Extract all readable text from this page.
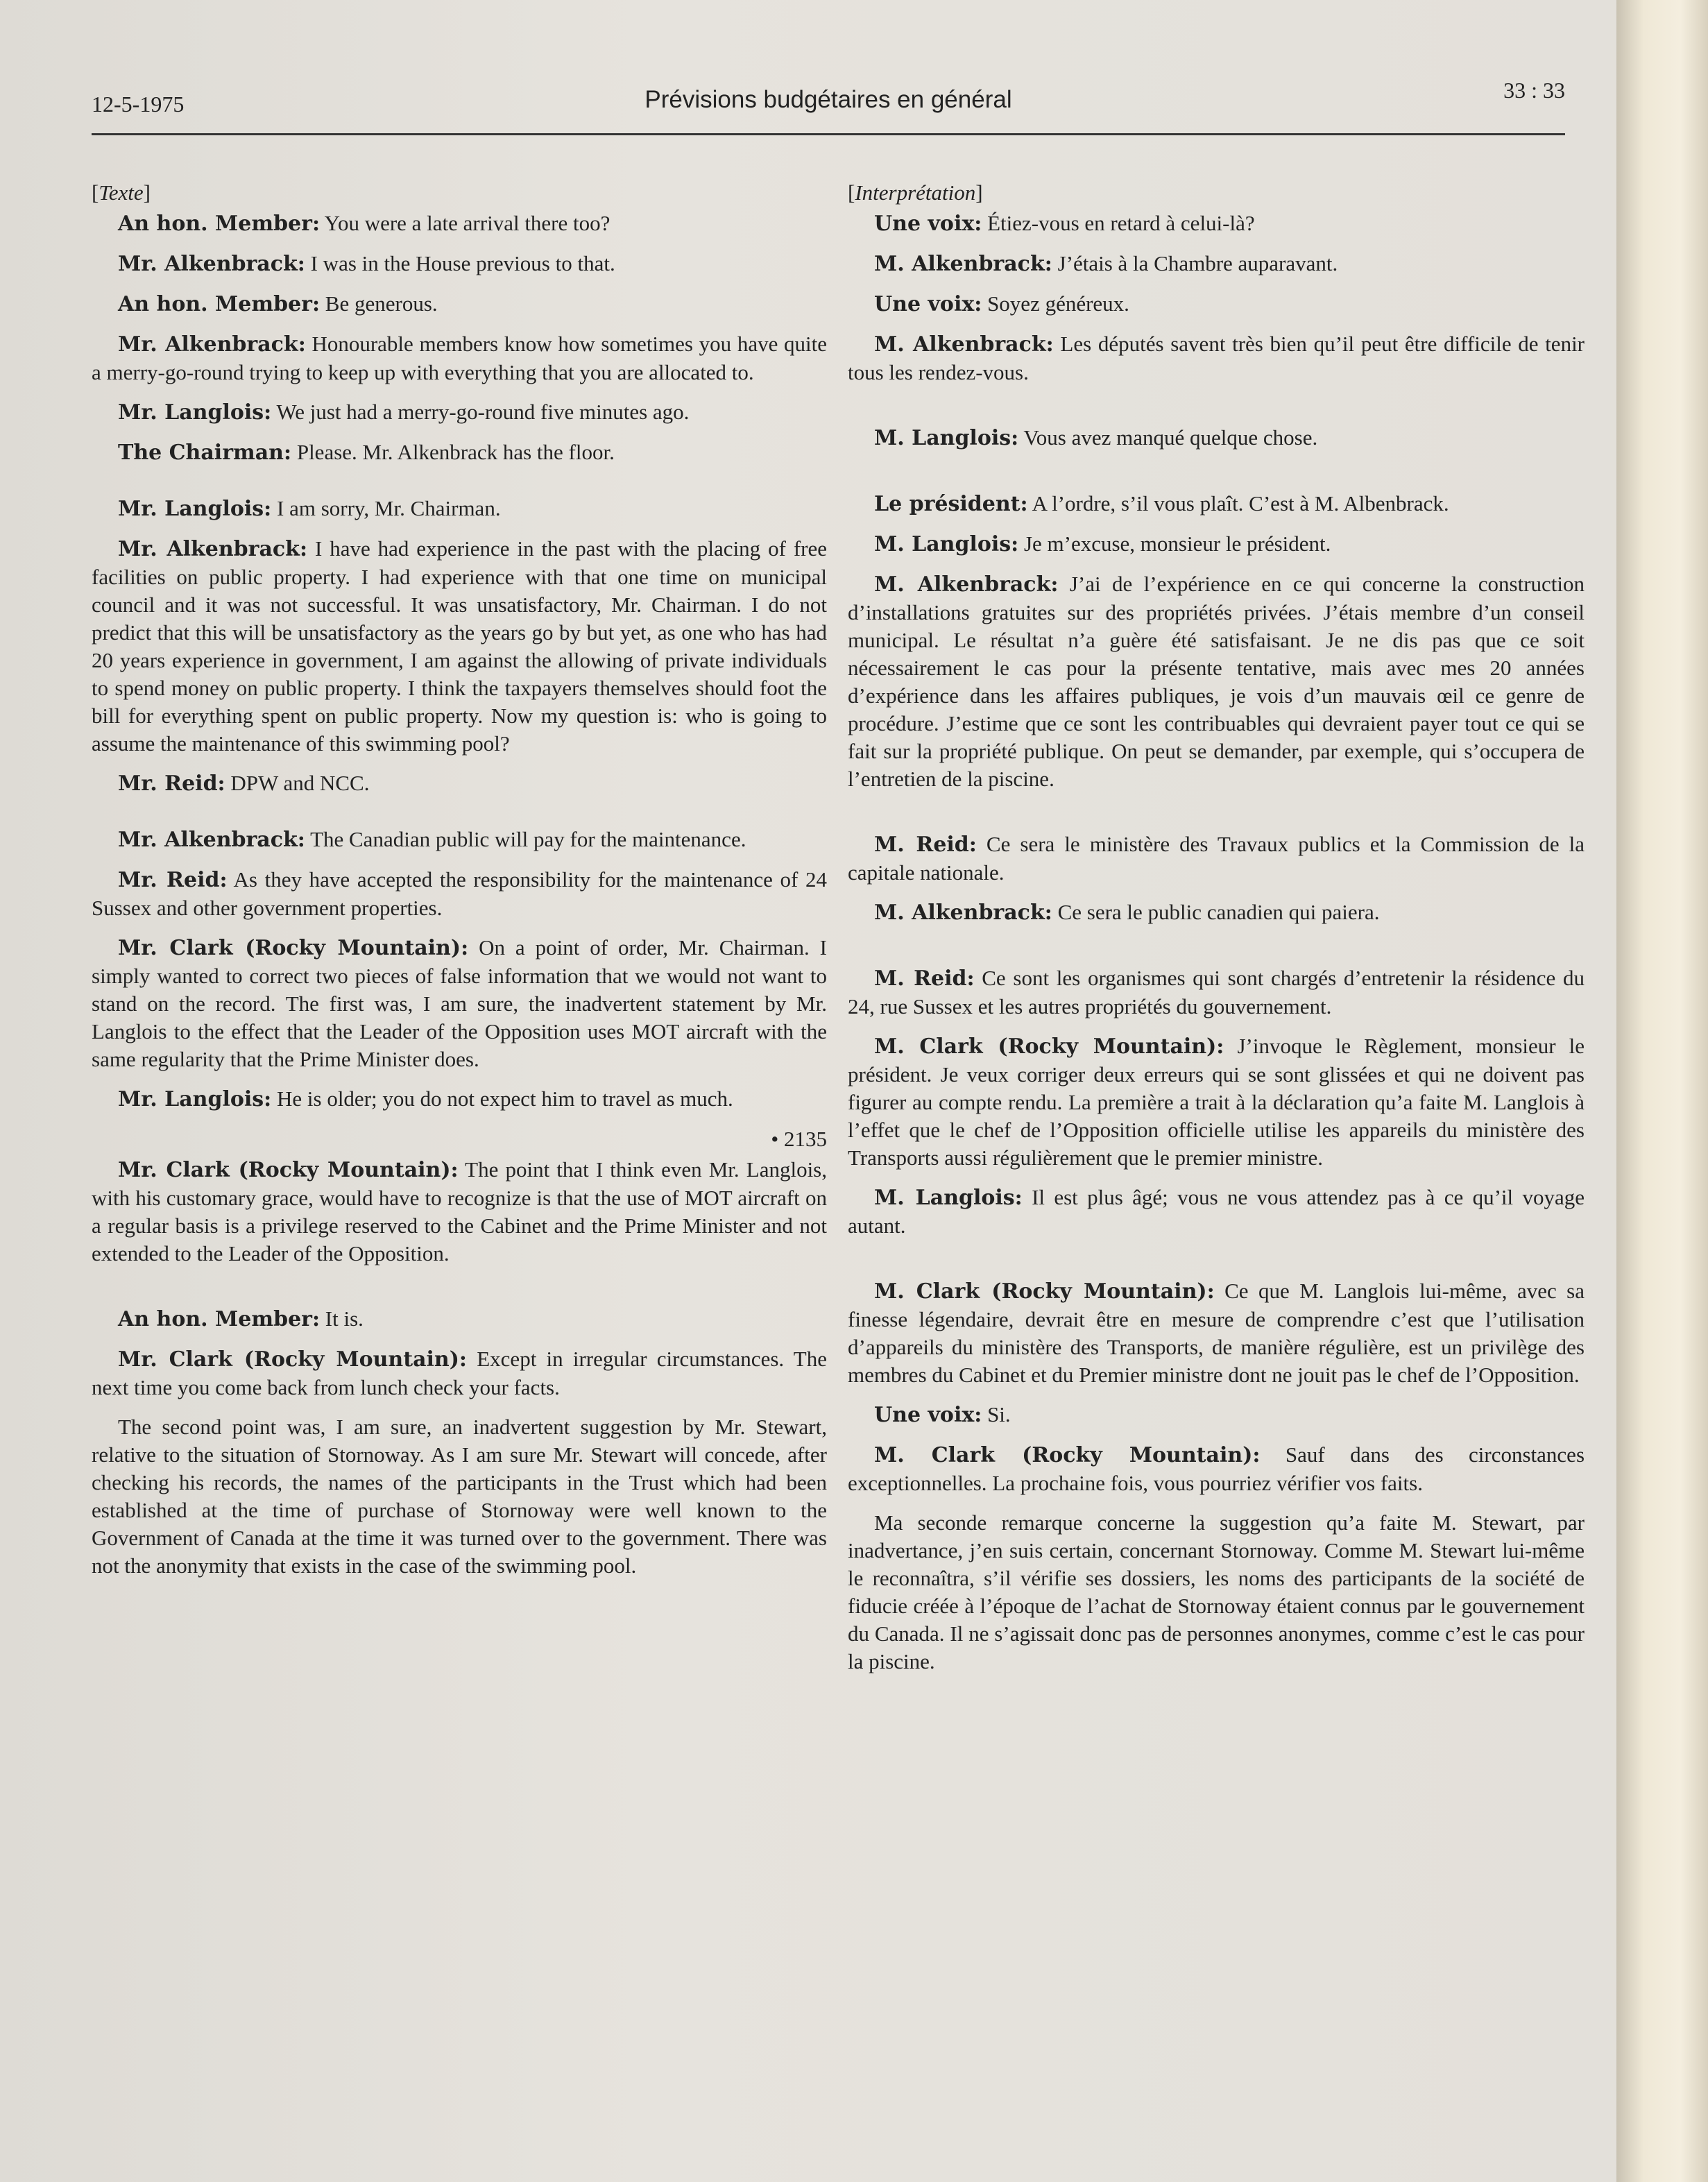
12-5-1975	Prévisions budgétaires en général	33 : 33
[Texte]

An hon. Member: You were a late arrival there too?

Mr. Alkenbrack: I was in the House previous to that.

An hon. Member: Be generous.

Mr. Alkenbrack: Honourable members know how sometimes you have quite a merry-go-round trying to keep up with everything that you are allocated to.

Mr. Langlois: We just had a merry-go-round five minutes ago.

The Chairman: Please. Mr. Alkenbrack has the floor.

Mr. Langlois: I am sorry, Mr. Chairman.

Mr. Alkenbrack: I have had experience in the past with the placing of free facilities on public property. I had experience with that one time on municipal council and it was not successful. It was unsatisfactory, Mr. Chairman. I do not predict that this will be unsatisfactory as the years go by but yet, as one who has had 20 years experience in government, I am against the allowing of private individuals to spend money on public property. I think the taxpayers themselves should foot the bill for everything spent on public property. Now my question is: who is going to assume the maintenance of this swimming pool?

Mr. Reid: DPW and NCC.

Mr. Alkenbrack: The Canadian public will pay for the maintenance.

Mr. Reid: As they have accepted the responsibility for the maintenance of 24 Sussex and other government properties.

Mr. Clark (Rocky Mountain): On a point of order, Mr. Chairman. I simply wanted to correct two pieces of false information that we would not want to stand on the record. The first was, I am sure, the inadvertent statement by Mr. Langlois to the effect that the Leader of the Opposition uses MOT aircraft with the same regularity that the Prime Minister does.

Mr. Langlois: He is older; you do not expect him to travel as much.

• 2135

Mr. Clark (Rocky Mountain): The point that I think even Mr. Langlois, with his customary grace, would have to recognize is that the use of MOT aircraft on a regular basis is a privilege reserved to the Cabinet and the Prime Minister and not extended to the Leader of the Opposition.

An hon. Member: It is.

Mr. Clark (Rocky Mountain): Except in irregular circumstances. The next time you come back from lunch check your facts.

The second point was, I am sure, an inadvertent suggestion by Mr. Stewart, relative to the situation of Stornoway. As I am sure Mr. Stewart will concede, after checking his records, the names of the participants in the Trust which had been established at the time of purchase of Stornoway were well known to the Government of Canada at the time it was turned over to the government. There was not the anonymity that exists in the case of the swimming pool.

[Interprétation]

Une voix: Étiez-vous en retard à celui-là?

M. Alkenbrack: J’étais à la Chambre auparavant.

Une voix: Soyez généreux.

M. Alkenbrack: Les députés savent très bien qu’il peut être difficile de tenir tous les rendez-vous.

M. Langlois: Vous avez manqué quelque chose.

Le président: A l’ordre, s’il vous plaît. C’est à M. Albenbrack.

M. Langlois: Je m’excuse, monsieur le président.

M. Alkenbrack: J’ai de l’expérience en ce qui concerne la construction d’installations gratuites sur des propriétés privées. J’étais membre d’un conseil municipal. Le résultat n’a guère été satisfaisant. Je ne dis pas que ce soit nécessairement le cas pour la présente tentative, mais avec mes 20 années d’expérience dans les affaires publiques, je vois d’un mauvais œil ce genre de procédure. J’estime que ce sont les contribuables qui devraient payer tout ce qui se fait sur la propriété publique. On peut se demander, par exemple, qui s’occupera de l’entretien de la piscine.

M. Reid: Ce sera le ministère des Travaux publics et la Commission de la capitale nationale.

M. Alkenbrack: Ce sera le public canadien qui paiera.

M. Reid: Ce sont les organismes qui sont chargés d’entretenir la résidence du 24, rue Sussex et les autres propriétés du gouvernement.

M. Clark (Rocky Mountain): J’invoque le Règlement, monsieur le président. Je veux corriger deux erreurs qui se sont glissées et qui ne doivent pas figurer au compte rendu. La première a trait à la déclaration qu’a faite M. Langlois à l’effet que le chef de l’Opposition officielle utilise les appareils du ministère des Transports aussi régulièrement que le premier ministre.

M. Langlois: Il est plus âgé; vous ne vous attendez pas à ce qu’il voyage autant.

M. Clark (Rocky Mountain): Ce que M. Langlois lui-même, avec sa finesse légendaire, devrait être en mesure de comprendre c’est que l’utilisation d’appareils du ministère des Transports, de manière régulière, est un privilège des membres du Cabinet et du Premier ministre dont ne jouit pas le chef de l’Opposition.

Une voix: Si.

M. Clark (Rocky Mountain): Sauf dans des circonstances exceptionnelles. La prochaine fois, vous pourriez vérifier vos faits.

Ma seconde remarque concerne la suggestion qu’a faite M. Stewart, par inadvertance, j’en suis certain, concernant Stornoway. Comme M. Stewart lui-même le reconnaîtra, s’il vérifie ses dossiers, les noms des participants de la société de fiducie créée à l’époque de l’achat de Stornoway étaient connus par le gouvernement du Canada. Il ne s’agissait donc pas de personnes anonymes, comme c’est le cas pour la piscine.
